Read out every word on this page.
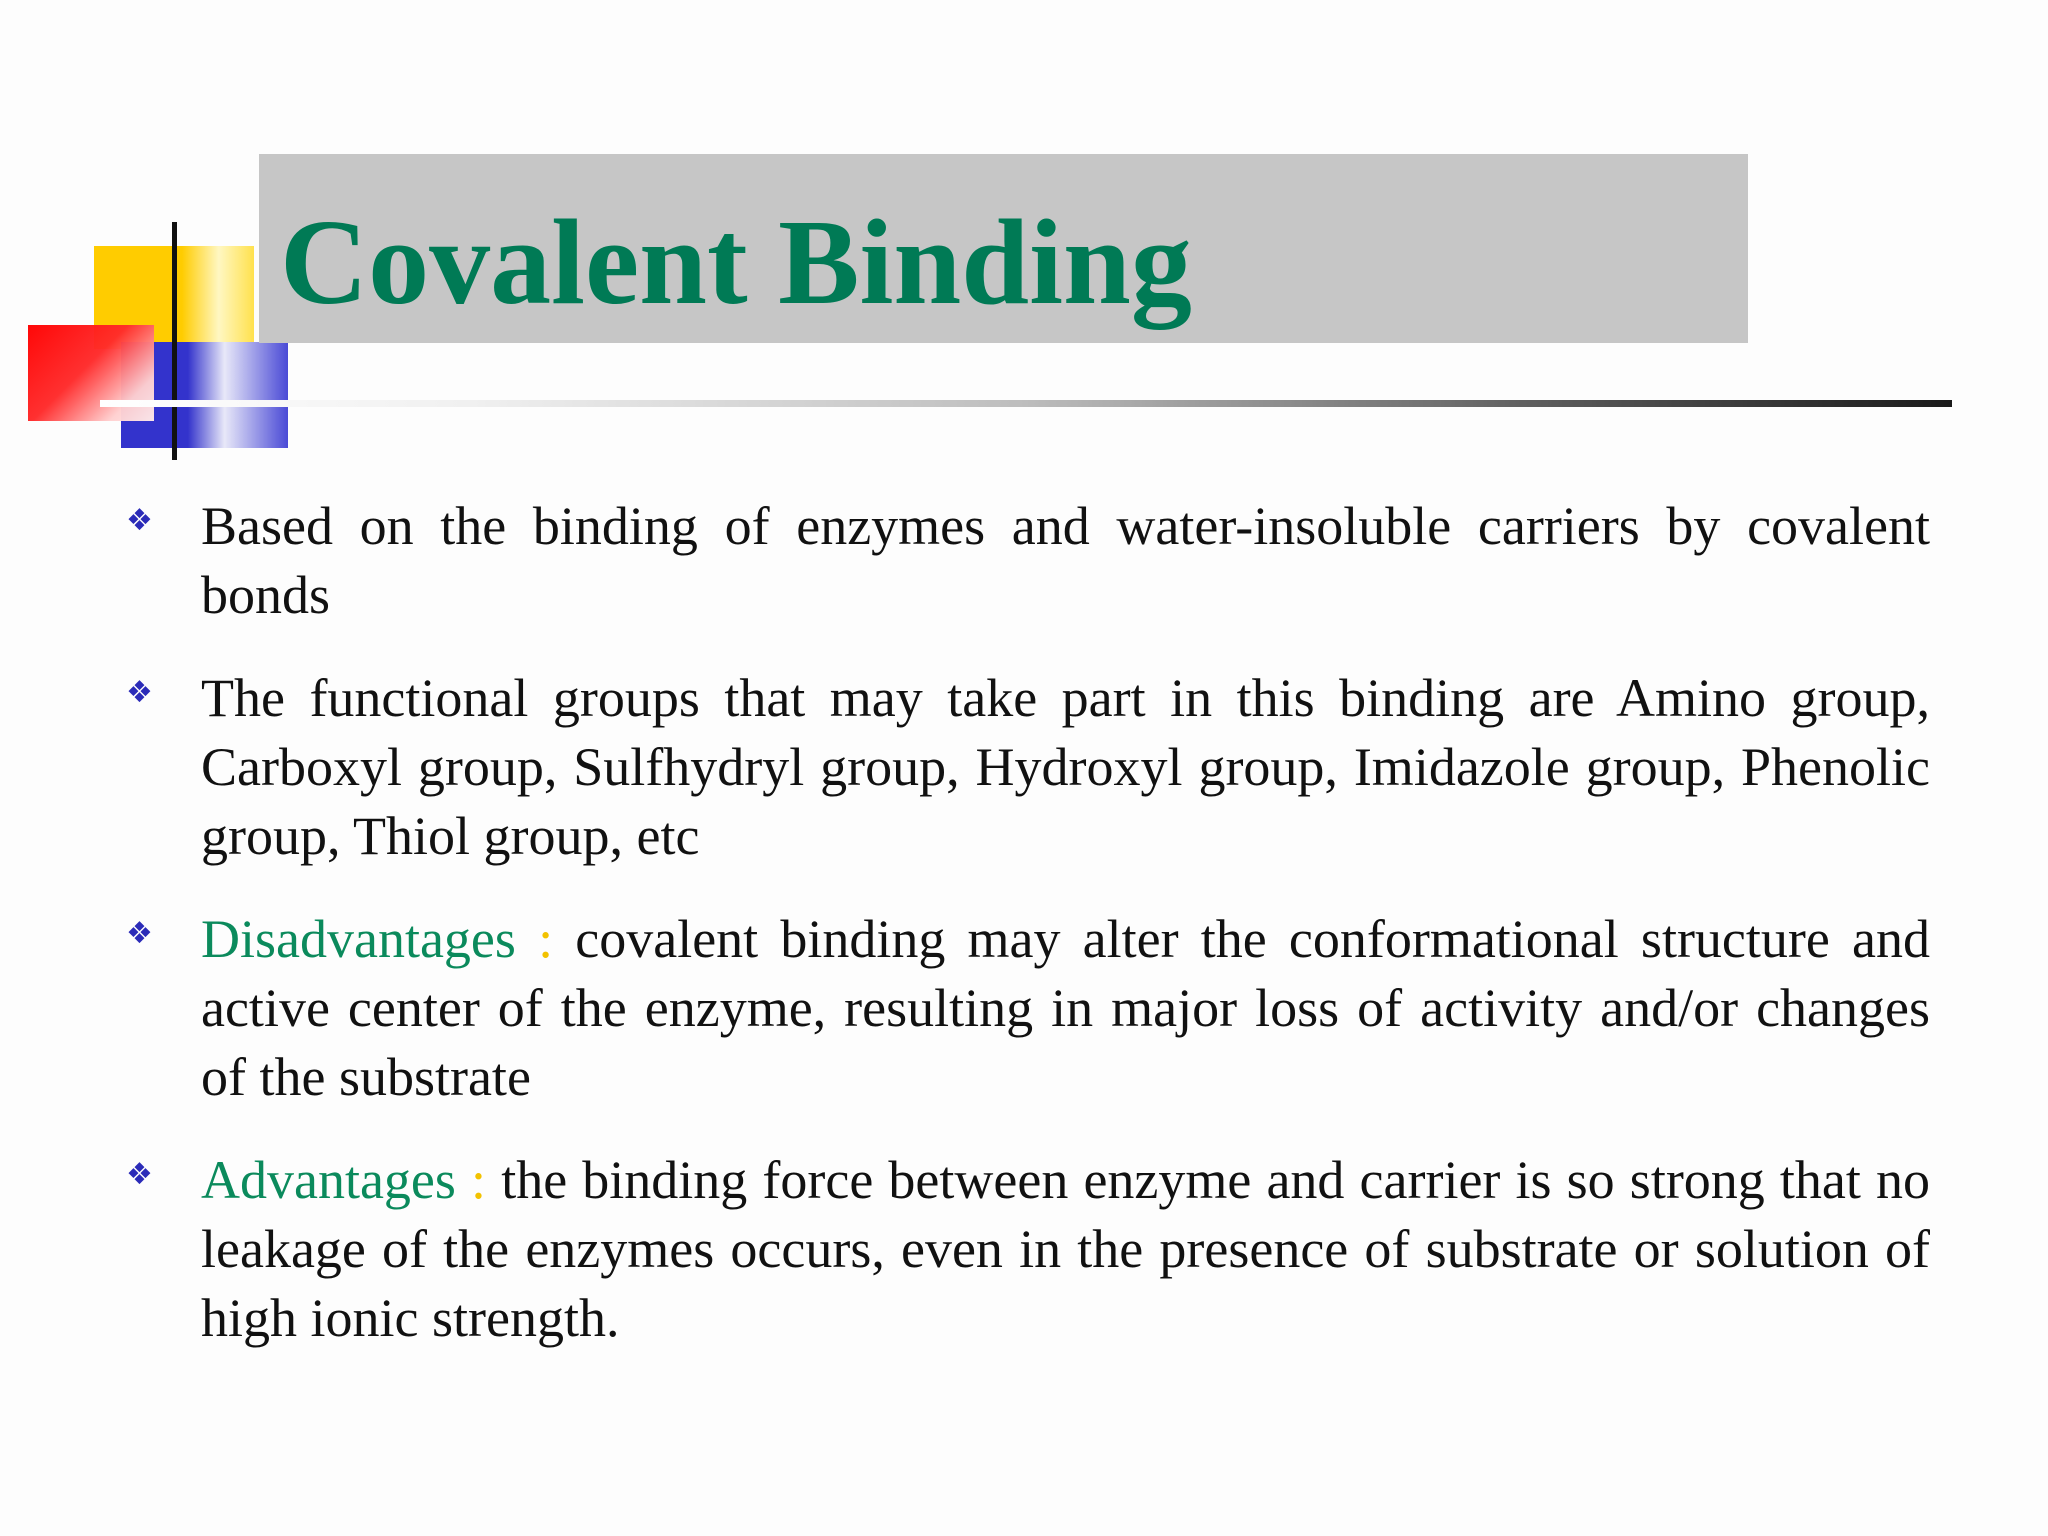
Covalent Binding
❖ Based on the binding of enzymes and water-insoluble carriers by covalent bonds
❖ The functional groups that may take part in this binding are Amino group, Carboxyl group, Sulfhydryl group, Hydroxyl group, Imidazole group, Phenolic group, Thiol group, etc
❖ Disadvantages : covalent binding may alter the conformational structure and active center of the enzyme, resulting in major loss of activity and/or changes of the substrate
❖ Advantages : the binding force between enzyme and carrier is so strong that no leakage of the enzymes occurs, even in the presence of substrate or solution of high ionic strength.
